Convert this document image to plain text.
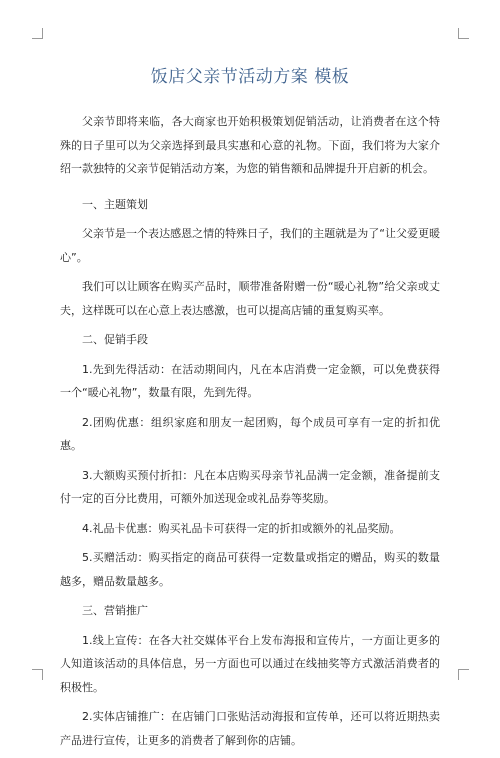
饭店父亲节活动方案 模板

父亲节即将来临，各大商家也开始积极策划促销活动，让消费者在这个特殊的日子里可以为父亲选择到最具实惠和心意的礼物。下面，我们将为大家介绍一款独特的父亲节促销活动方案，为您的销售额和品牌提升开启新的机会。

一、主题策划

父亲节是一个表达感恩之情的特殊日子，我们的主题就是为了“让父爱更暖心”。

我们可以让顾客在购买产品时，顺带准备附赠一份“暖心礼物”给父亲或丈夫，这样既可以在心意上表达感激，也可以提高店铺的重复购买率。

二、促销手段

1.先到先得活动：在活动期间内，凡在本店消费一定金额，可以免费获得一个“暖心礼物”，数量有限，先到先得。

2.团购优惠：组织家庭和朋友一起团购，每个成员可享有一定的折扣优惠。

3.大额购买预付折扣：凡在本店购买母亲节礼品满一定金额，准备提前支付一定的百分比费用，可额外加送现金或礼品券等奖励。

4.礼品卡优惠：购买礼品卡可获得一定的折扣或额外的礼品奖励。

5.买赠活动：购买指定的商品可获得一定数量或指定的赠品，购买的数量越多，赠品数量越多。

三、营销推广

1.线上宣传：在各大社交媒体平台上发布海报和宣传片，一方面让更多的人知道该活动的具体信息，另一方面也可以通过在线抽奖等方式激活消费者的积极性。

2.实体店铺推广：在店铺门口张贴活动海报和宣传单，还可以将近期热卖产品进行宣传，让更多的消费者了解到你的店铺。
